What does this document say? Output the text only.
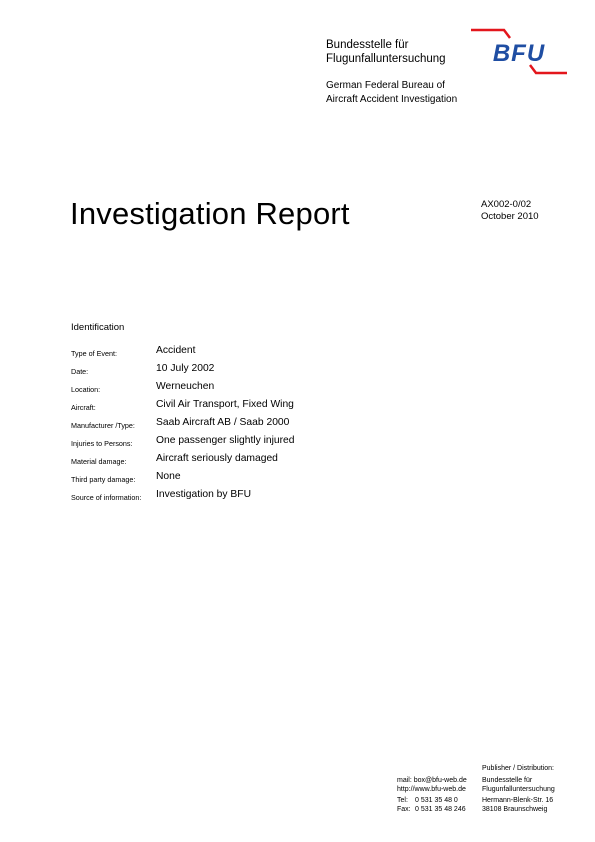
Bundesstelle für
Flugunfalluntersuchung
German Federal Bureau of
Aircraft Accident Investigation
BFU
Investigation Report	AX002-0/02
October 2010
Identification
Type of Event:	Accident
Date:	10 July 2002
Location:	Werneuchen
Aircraft:	Civil Air Transport, Fixed Wing
Manufacturer /Type: Saab Aircraft AB / Saab 2000
Injuries to Persons: One passenger slightly injured
Material damage:	Aircraft seriously damaged
Third party damage: None
Source of information: Investigation by BFU
Publisher / Distribution:
mail: box@bfu-web.de
http://www.bfu-web.de
Tel: 0 531 35 48 0
Fax: 0 531 35 48 246
Bundesstelle für
Flugunfalluntersuchung
Hermann-Blenk-Str. 16
38108 Braunschweig
